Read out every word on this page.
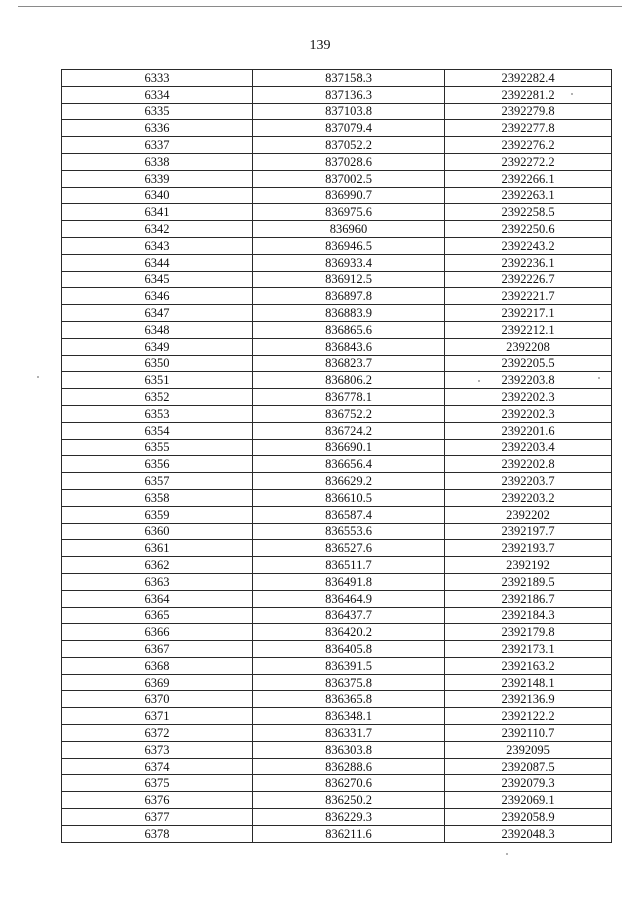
139
6333	837158.3	2392282.4
6334	837136.3	2392281.2
6335	837103.8	2392279.8
6336	837079.4	2392277.8
6337	837052.2	2392276.2
6338	837028.6	2392272.2
6339	837002.5	2392266.1
6340	836990.7	2392263.1
6341	836975.6	2392258.5
6342	836960	2392250.6
6343	836946.5	2392243.2
6344	836933.4	2392236.1
6345	836912.5	2392226.7
6346	836897.8	2392221.7
6347	836883.9	2392217.1
6348	836865.6	2392212.1
6349	836843.6	2392208
6350	836823.7	2392205.5
6351	836806.2	2392203.8
6352	836778.1	2392202.3
6353	836752.2	2392202.3
6354	836724.2	2392201.6
6355	836690.1	2392203.4
6356	836656.4	2392202.8
6357	836629.2	2392203.7
6358	836610.5	2392203.2
6359	836587.4	2392202
6360	836553.6	2392197.7
6361	836527.6	2392193.7
6362	836511.7	2392192
6363	836491.8	2392189.5
6364	836464.9	2392186.7
6365	836437.7	2392184.3
6366	836420.2	2392179.8
6367	836405.8	2392173.1
6368	836391.5	2392163.2
6369	836375.8	2392148.1
6370	836365.8	2392136.9
6371	836348.1	2392122.2
6372	836331.7	2392110.7
6373	836303.8	2392095
6374	836288.6	2392087.5
6375	836270.6	2392079.3
6376	836250.2	2392069.1
6377	836229.3	2392058.9
6378	836211.6	2392048.3
